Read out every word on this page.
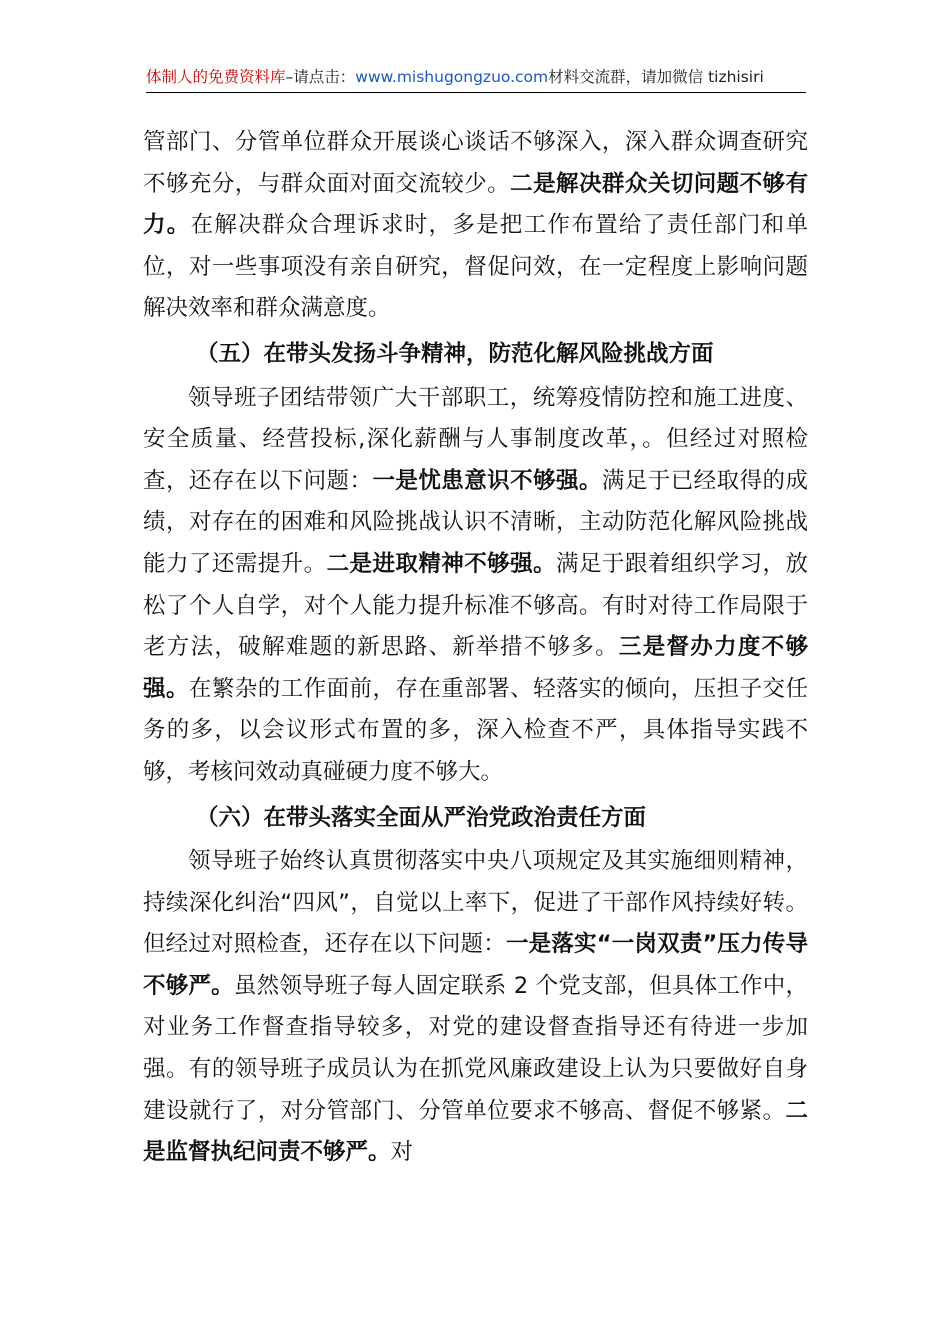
体制人的免费资料库–请点击：www.mishugongzuo.com材料交流群，请加微信 tizhisiri

管部门、分管单位群众开展谈心谈话不够深入，深入群众调查研究不够充分，与群众面对面交流较少。二是解决群众关切问题不够有力。在解决群众合理诉求时，多是把工作布置给了责任部门和单位，对一些事项没有亲自研究，督促问效，在一定程度上影响问题解决效率和群众满意度。

（五）在带头发扬斗争精神，防范化解风险挑战方面

领导班子团结带领广大干部职工，统筹疫情防控和施工进度、安全质量、经营投标,深化薪酬与人事制度改革，。但经过对照检查，还存在以下问题：一是忧患意识不够强。满足于已经取得的成绩，对存在的困难和风险挑战认识不清晰，主动防范化解风险挑战能力了还需提升。二是进取精神不够强。满足于跟着组织学习，放松了个人自学，对个人能力提升标准不够高。有时对待工作局限于老方法，破解难题的新思路、新举措不够多。三是督办力度不够强。在繁杂的工作面前，存在重部署、轻落实的倾向，压担子交任务的多，以会议形式布置的多，深入检查不严，具体指导实践不够，考核问效动真碰硬力度不够大。

（六）在带头落实全面从严治党政治责任方面

领导班子始终认真贯彻落实中央八项规定及其实施细则精神，持续深化纠治“四风”，自觉以上率下，促进了干部作风持续好转。但经过对照检查，还存在以下问题：一是落实“一岗双责”压力传导不够严。虽然领导班子每人固定联系 2 个党支部，但具体工作中，对业务工作督查指导较多，对党的建设督查指导还有待进一步加强。有的领导班子成员认为在抓党风廉政建设上认为只要做好自身建设就行了，对分管部门、分管单位要求不够高、督促不够紧。二是监督执纪问责不够严。对
